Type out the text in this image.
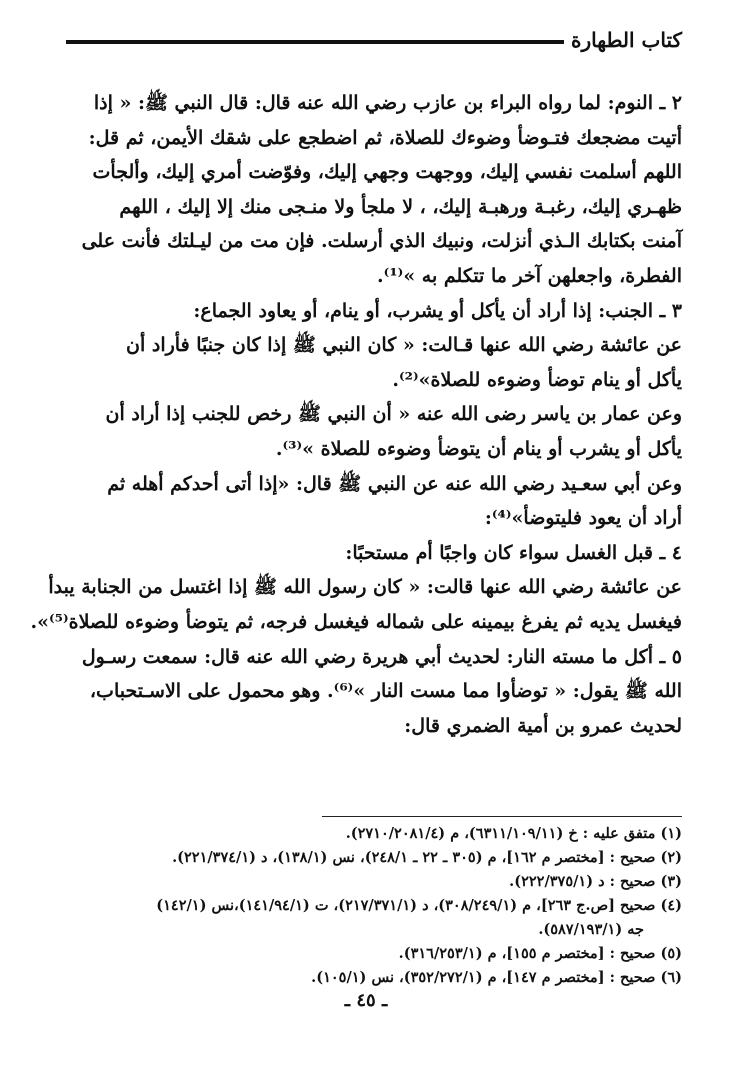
كتاب الطهارة
٢ ـ النوم: لما رواه البراء بن عازب رضي الله عنه قال: قال النبي ﷺ: « إذا
أتيت مضجعك فتـوضأ وضوءك للصلاة، ثم اضطجع على شقك الأيمن، ثم قل:
اللهم أسلمت نفسي إليك، ووجهت وجهي إليك، وفوّضت أمري إليك، وألجأت
ظهـري إليك، رغبـة ورهبـة إليك، ، لا ملجأ ولا منـجى منك إلا إليك ، اللهم
آمنت بكتابك الـذي أنزلت، ونبيك الذي أرسلت. فإن مت من ليـلتك فأنت على
الفطرة، واجعلهن آخر ما تتكلم به »⁽¹⁾.
٣ ـ الجنب: إذا أراد أن يأكل أو يشرب، أو ينام، أو يعاود الجماع:
عن عائشة رضي الله عنها قـالت: « كان النبي ﷺ إذا كان جنبًا فأراد أن
يأكل أو ينام توضأ وضوءه للصلاة»⁽²⁾.
وعن عمار بن ياسر رضى الله عنه « أن النبي ﷺ رخص للجنب إذا أراد أن
يأكل أو يشرب أو ينام أن يتوضأ وضوءه للصلاة »⁽³⁾.
وعن أبي سعـيد رضي الله عنه عن النبي ﷺ قال: «إذا أتى أحدكم أهله ثم
أراد أن يعود فليتوضأ»⁽⁴⁾:
٤ ـ قبل الغسل سواء كان واجبًا أم مستحبًا:
عن عائشة رضي الله عنها قالت: « كان رسول الله ﷺ إذا اغتسل من الجنابة يبدأ
فيغسل يديه ثم يفرغ بيمينه على شماله فيغسل فرجه، ثم يتوضأ وضوءه للصلاة⁽⁵⁾».
٥ ـ أكل ما مسته النار: لحديث أبي هريرة رضي الله عنه قال: سمعت رسـول
الله ﷺ يقول: « توضأوا مما مست النار »⁽⁶⁾. وهو محمول على الاسـتحباب،
لحديث عمرو بن أمية الضمري قال:
(١) متفق عليه : خ (٦٣١١/١٠٩/١١)، م (٢٧١٠/٢٠٨١/٤).
(٢) صحيح : [مختصر م ١٦٢]، م (٣٠٥ ـ ٢٢ ـ ٢٤٨/١)، نس (١٣٨/١)، د (٢٢١/٣٧٤/١).
(٣) صحيح : د (٢٢٢/٣٧٥/١).
(٤) صحيح [ص.ج ٢٦٣]، م (٣٠٨/٢٤٩/١)، د (٢١٧/٣٧١/١)، ت (١٤١/٩٤/١)،نس (١٤٢/١)
جه (٥٨٧/١٩٣/١).
(٥) صحيح : [مختصر م ١٥٥]، م (٣١٦/٢٥٣/١).
(٦) صحيح : [مختصر م ١٤٧]، م (٣٥٢/٢٧٢/١)، نس (١٠٥/١).
ـ ٤٥ ـ
